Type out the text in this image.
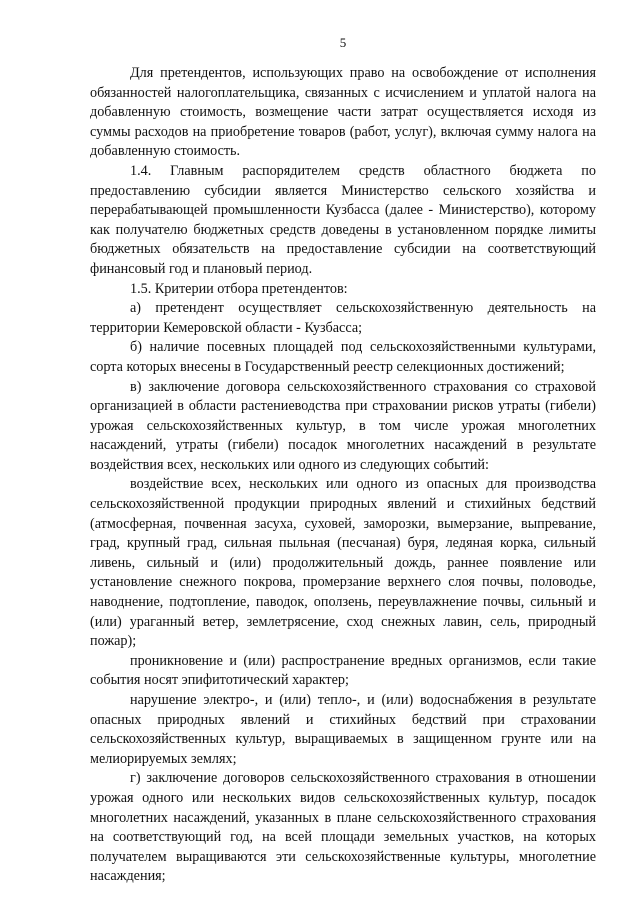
5

Для претендентов, использующих право на освобождение от исполнения обязанностей налогоплательщика, связанных с исчислением и уплатой налога на добавленную стоимость, возмещение части затрат осуществляется исходя из суммы расходов на приобретение товаров (работ, услуг), включая сумму налога на добавленную стоимость.

1.4. Главным распорядителем средств областного бюджета по предоставлению субсидии является Министерство сельского хозяйства и перерабатывающей промышленности Кузбасса (далее - Министерство), которому как получателю бюджетных средств доведены в установленном порядке лимиты бюджетных обязательств на предоставление субсидии на соответствующий финансовый год и плановый период.

1.5. Критерии отбора претендентов:

а) претендент осуществляет сельскохозяйственную деятельность на территории Кемеровской области - Кузбасса;

б) наличие посевных площадей под сельскохозяйственными культурами, сорта которых внесены в Государственный реестр селекционных достижений;

в) заключение договора сельскохозяйственного страхования со страховой организацией в области растениеводства при страховании рисков утраты (гибели) урожая сельскохозяйственных культур, в том числе урожая многолетних насаждений, утраты (гибели) посадок многолетних насаждений в результате воздействия всех, нескольких или одного из следующих событий:

воздействие всех, нескольких или одного из опасных для производства сельскохозяйственной продукции природных явлений и стихийных бедствий (атмосферная, почвенная засуха, суховей, заморозки, вымерзание, выпревание, град, крупный град, сильная пыльная (песчаная) буря, ледяная корка, сильный ливень, сильный и (или) продолжительный дождь, раннее появление или установление снежного покрова, промерзание верхнего слоя почвы, половодье, наводнение, подтопление, паводок, оползень, переувлажнение почвы, сильный и (или) ураганный ветер, землетрясение, сход снежных лавин, сель, природный пожар);

проникновение и (или) распространение вредных организмов, если такие события носят эпифитотический характер;

нарушение электро-, и (или) тепло-, и (или) водоснабжения в результате опасных природных явлений и стихийных бедствий при страховании сельскохозяйственных культур, выращиваемых в защищенном грунте или на мелиорируемых землях;

г) заключение договоров сельскохозяйственного страхования в отношении урожая одного или нескольких видов сельскохозяйственных культур, посадок многолетних насаждений, указанных в плане сельскохозяйственного страхования на соответствующий год, на всей площади земельных участков, на которых получателем выращиваются эти сельскохозяйственные культуры, многолетние насаждения;
